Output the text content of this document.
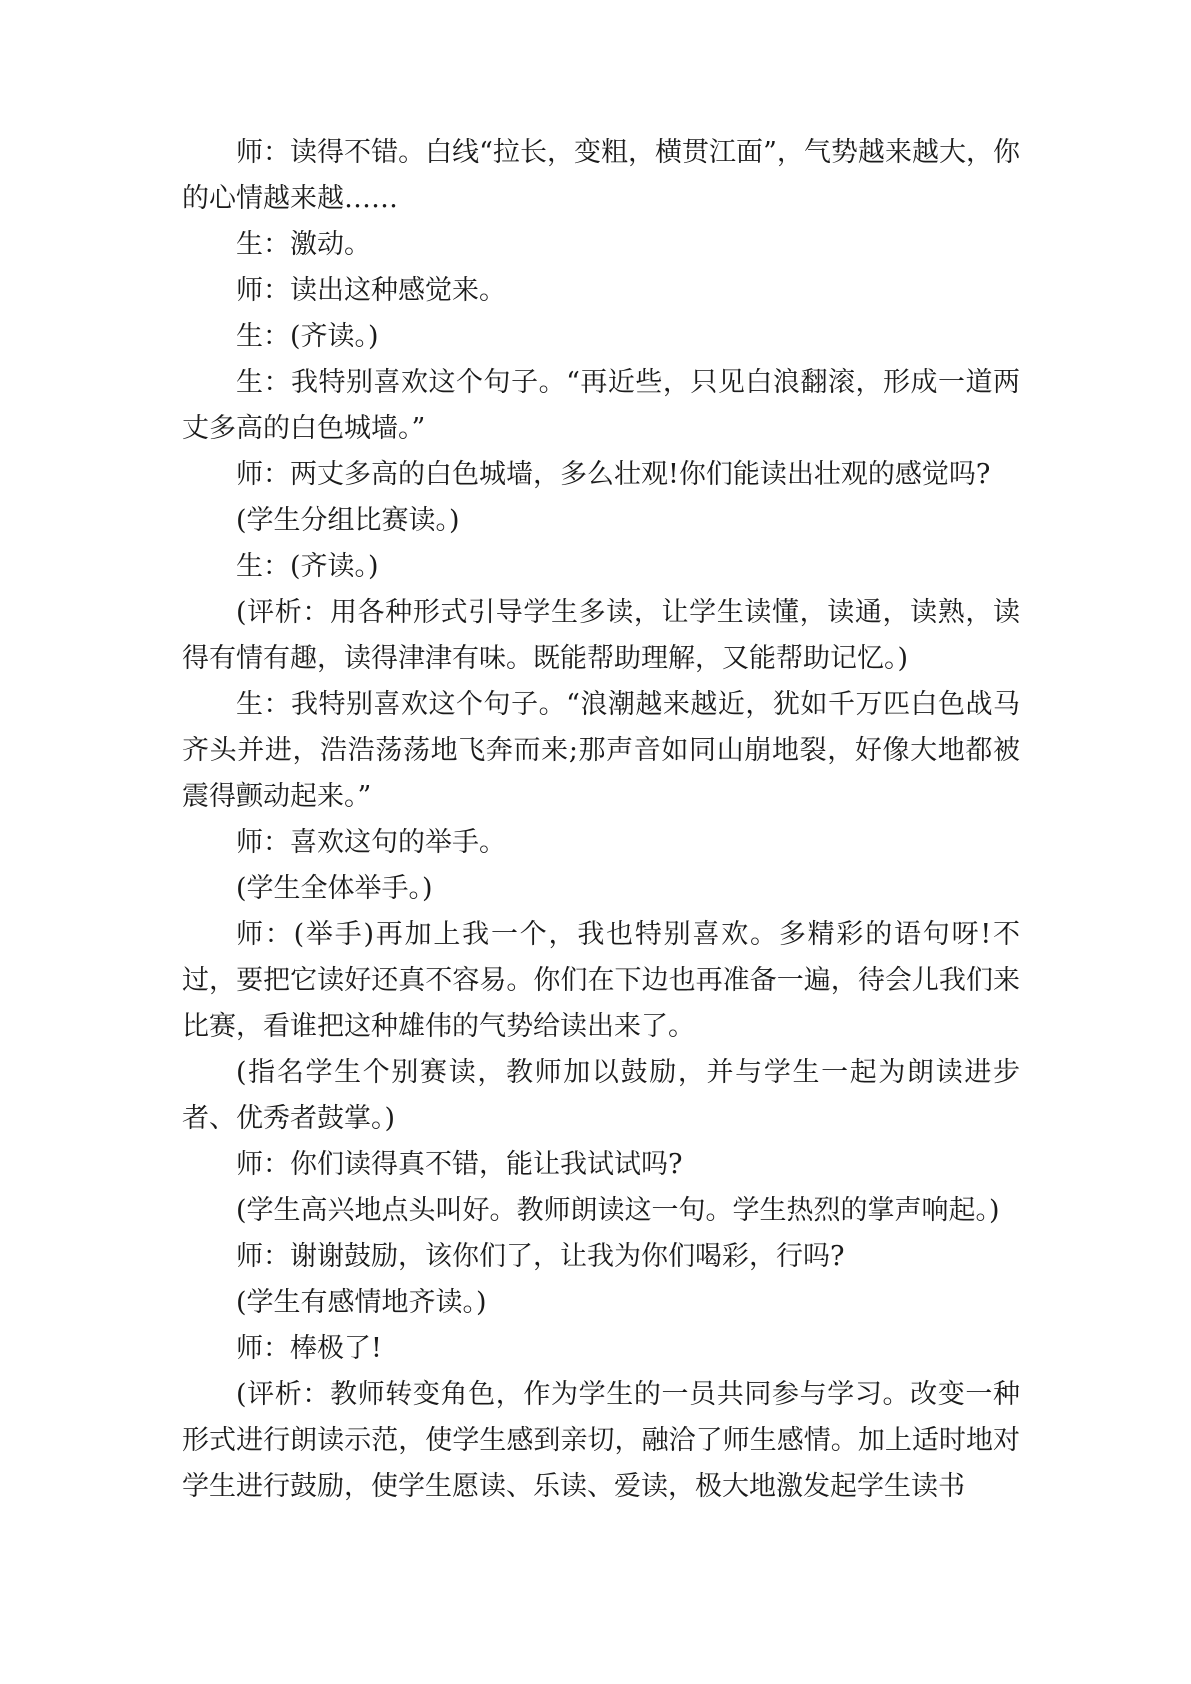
师：读得不错。白线“拉长，变粗，横贯江面”，气势越来越大，你的心情越来越……

生：激动。

师：读出这种感觉来。

生：(齐读。)

生：我特别喜欢这个句子。“再近些，只见白浪翻滚，形成一道两丈多高的白色城墙。”

师：两丈多高的白色城墙，多么壮观!你们能读出壮观的感觉吗?

(学生分组比赛读。)

生：(齐读。)

(评析：用各种形式引导学生多读，让学生读懂，读通，读熟，读得有情有趣，读得津津有味。既能帮助理解，又能帮助记忆。)

生：我特别喜欢这个句子。“浪潮越来越近，犹如千万匹白色战马齐头并进，浩浩荡荡地飞奔而来;那声音如同山崩地裂，好像大地都被震得颤动起来。”

师：喜欢这句的举手。

(学生全体举手。)

师：(举手)再加上我一个，我也特别喜欢。多精彩的语句呀!不过，要把它读好还真不容易。你们在下边也再准备一遍，待会儿我们来比赛，看谁把这种雄伟的气势给读出来了。

(指名学生个别赛读，教师加以鼓励，并与学生一起为朗读进步者、优秀者鼓掌。)

师：你们读得真不错，能让我试试吗?

(学生高兴地点头叫好。教师朗读这一句。学生热烈的掌声响起。)

师：谢谢鼓励，该你们了，让我为你们喝彩，行吗?

(学生有感情地齐读。)

师：棒极了!

(评析：教师转变角色，作为学生的一员共同参与学习。改变一种形式进行朗读示范，使学生感到亲切，融洽了师生感情。加上适时地对学生进行鼓励，使学生愿读、乐读、爱读，极大地激发起学生读书
